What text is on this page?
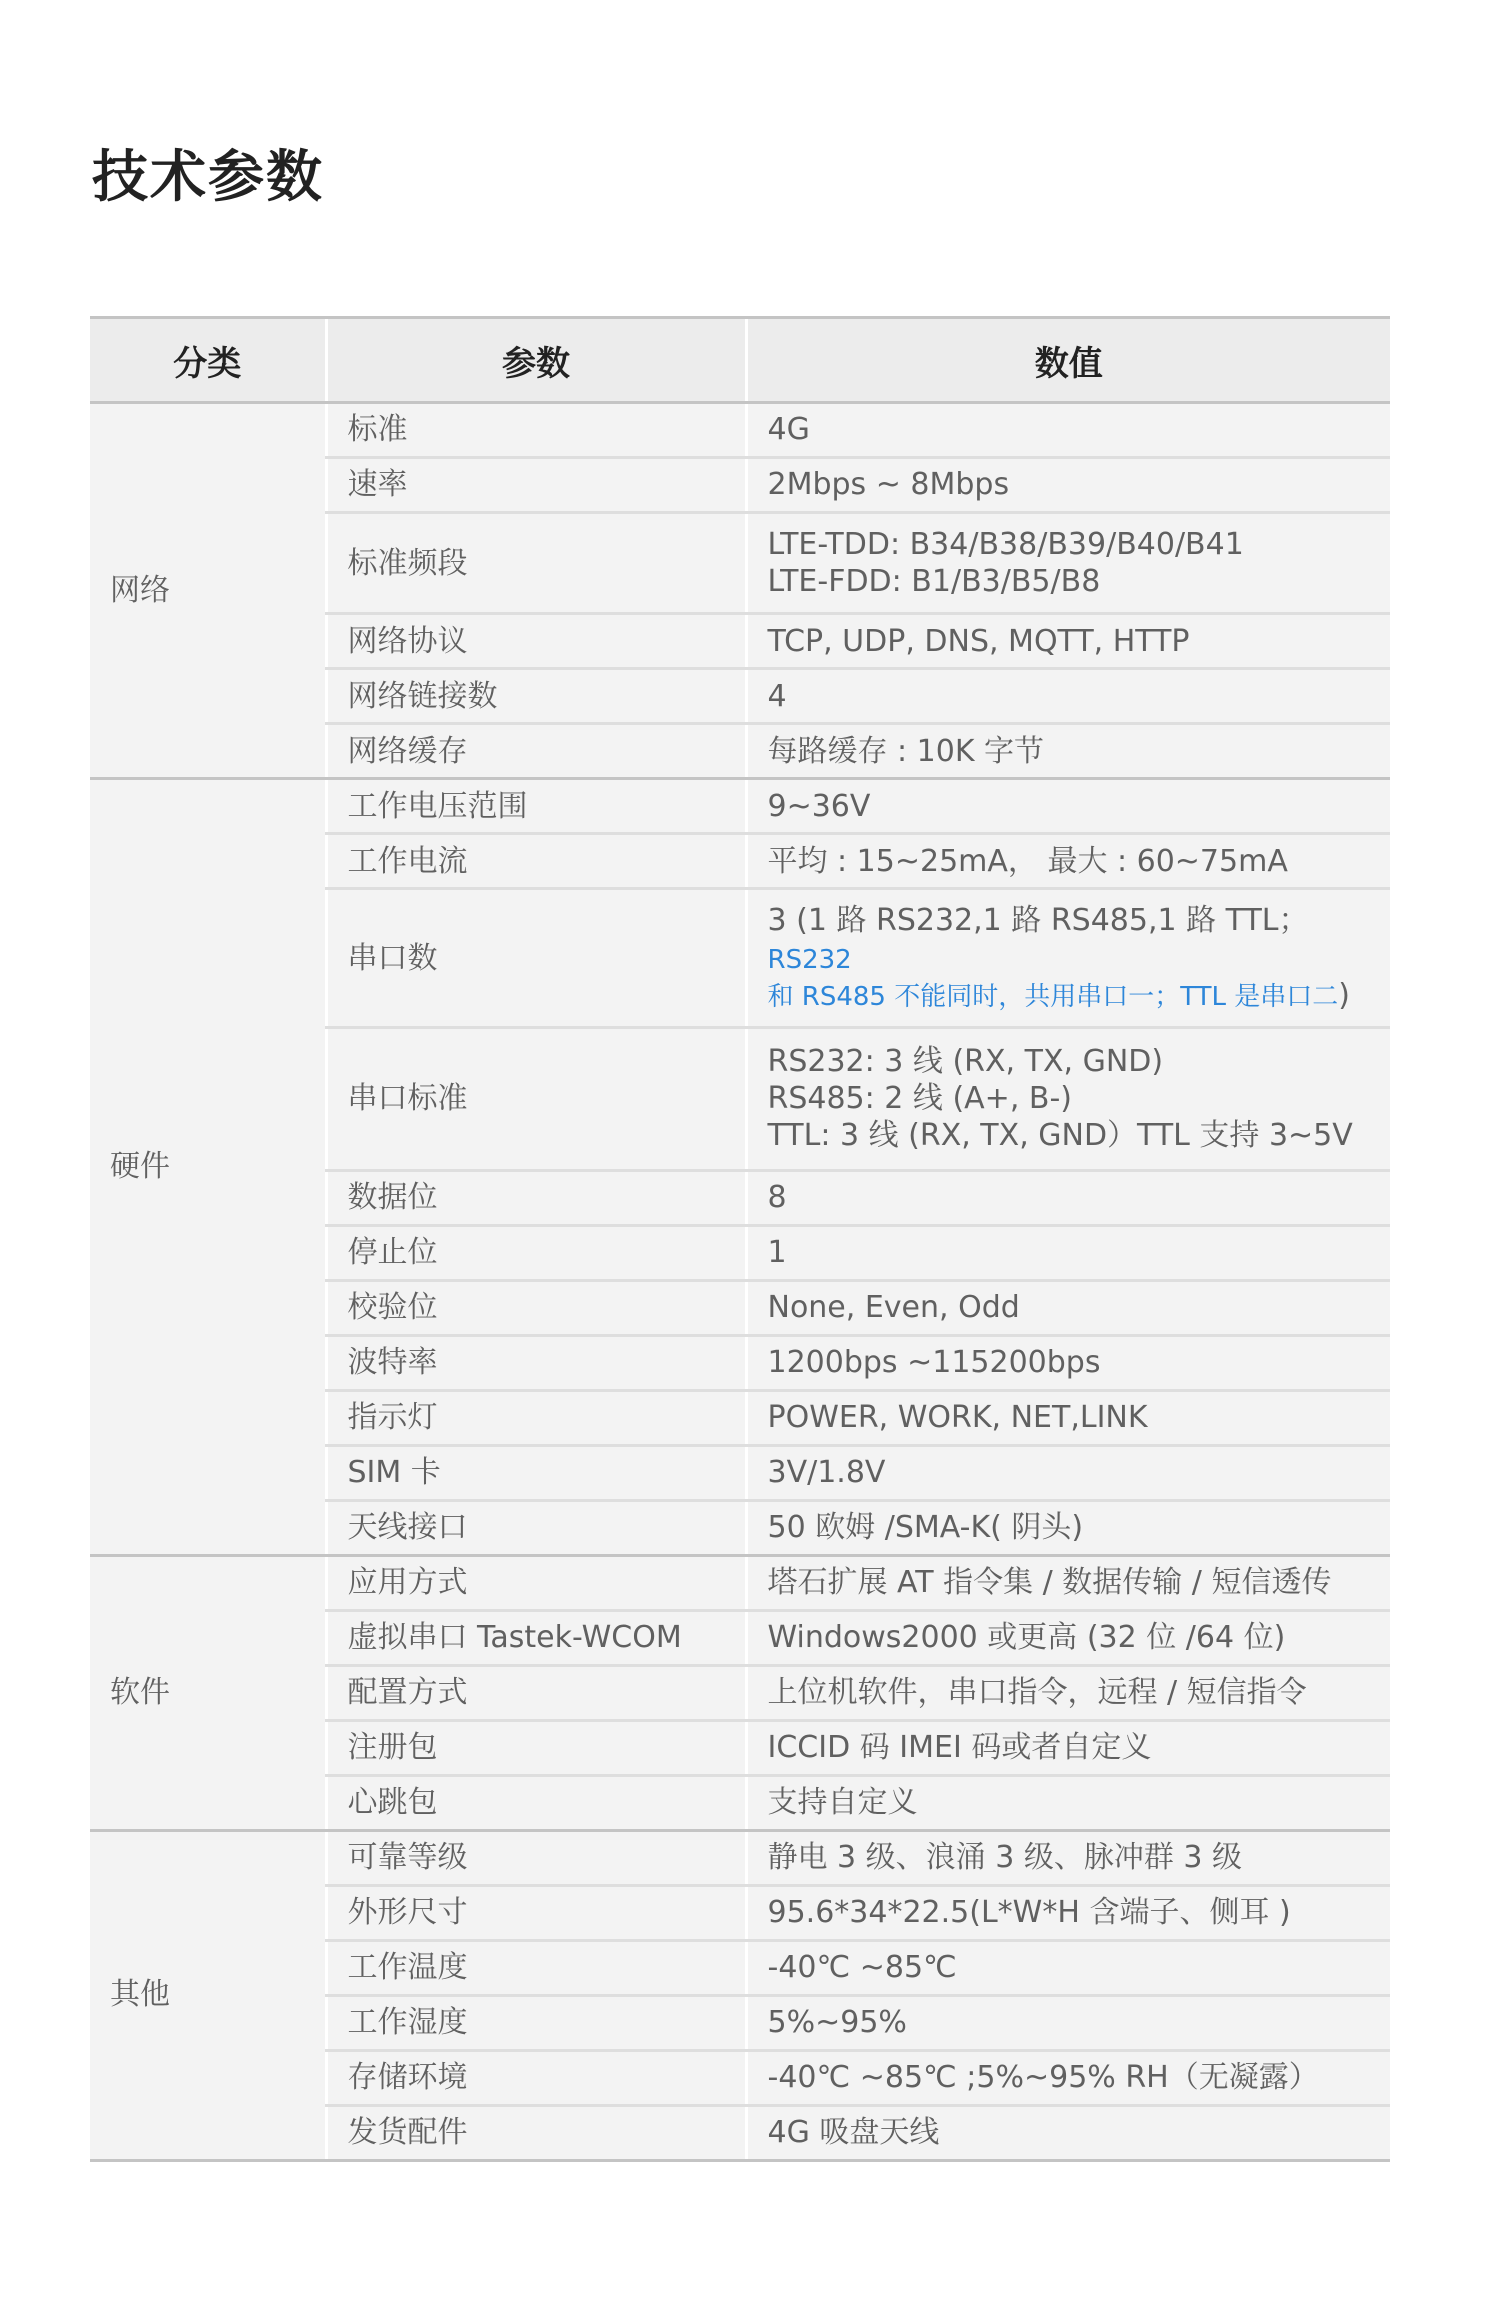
技术参数
分类	参数	数值
网络	标准	4G
	速率	2Mbps ~ 8Mbps
	标准频段	LTE-TDD: B34/B38/B39/B40/B41
LTE-FDD: B1/B3/B5/B8

	网络协议	TCP, UDP, DNS, MQTT, HTTP
	网络链接数	4
	网络缓存	每路缓存 : 10K 字节
硬件	工作电压范围	9~36V
	工作电流	平均 : 15~25mA， 最大 : 60~75mA
	串口数	3 (1 路 RS232,1 路 RS485,1 路 TTL； RS232
和 RS485 不能同时，共用串口一；TTL 是串口二)

	串口标准	RS232: 3 线 (RX, TX, GND)
RS485: 2 线 (A+, B-)
TTL: 3 线 (RX, TX, GND）TTL 支持 3~5V

	数据位	8
	停止位	1
	校验位	None, Even, Odd
	波特率	1200bps ~115200bps
	指示灯	POWER, WORK, NET,LINK
	SIM 卡	3V/1.8V
	天线接口	50 欧姆 /SMA-K( 阴头)
软件	应用方式	塔石扩展 AT 指令集 / 数据传输 / 短信透传
	虚拟串口 Tastek-WCOM	Windows2000 或更高 (32 位 /64 位)
	配置方式	上位机软件，串口指令，远程 / 短信指令
	注册包	ICCID 码 IMEI 码或者自定义
	心跳包	支持自定义
其他	可靠等级	静电 3 级、浪涌 3 级、脉冲群 3 级
	外形尺寸	95.6*34*22.5(L*W*H 含端子、侧耳 )
	工作温度	-40℃ ~85℃
	工作湿度	5%~95%
	存储环境	-40℃ ~85℃ ;5%~95% RH（无凝露）
	发货配件	4G 吸盘天线
